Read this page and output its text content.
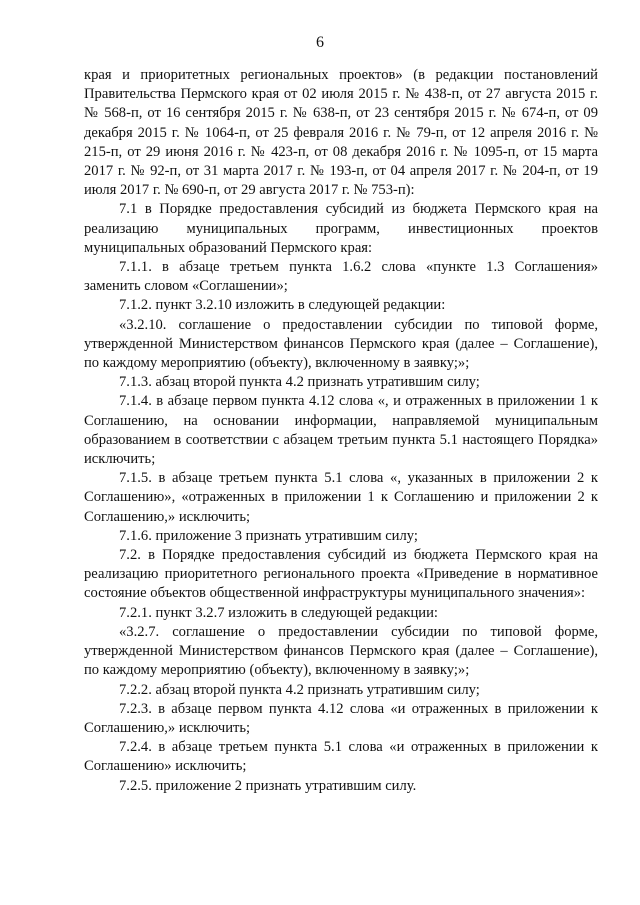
6

края и приоритетных региональных проектов» (в редакции постановлений Правительства Пермского края от 02 июля 2015 г. № 438-п, от 27 августа 2015 г. № 568-п, от 16 сентября 2015 г. № 638-п, от 23 сентября 2015 г. № 674-п, от 09 декабря 2015 г. № 1064-п, от 25 февраля 2016 г. № 79-п, от 12 апреля 2016 г. № 215-п, от 29 июня 2016 г. № 423-п, от 08 декабря 2016 г. № 1095-п, от 15 марта 2017 г. № 92-п, от 31 марта 2017 г. № 193-п, от 04 апреля 2017 г. № 204-п, от 19 июля 2017 г. № 690-п, от 29 августа 2017 г. № 753-п):

7.1 в Порядке предоставления субсидий из бюджета Пермского края на реализацию муниципальных программ, инвестиционных проектов муниципальных образований Пермского края:

7.1.1. в абзаце третьем пункта 1.6.2 слова «пункте 1.3 Соглашения» заменить словом «Соглашении»;

7.1.2. пункт 3.2.10 изложить в следующей редакции:

«3.2.10. соглашение о предоставлении субсидии по типовой форме, утвержденной Министерством финансов Пермского края (далее – Соглашение), по каждому мероприятию (объекту), включенному в заявку;»;

7.1.3. абзац второй пункта 4.2 признать утратившим силу;

7.1.4. в абзаце первом пункта 4.12 слова «, и отраженных в приложении 1 к Соглашению, на основании информации, направляемой муниципальным образованием в соответствии с абзацем третьим пункта 5.1 настоящего Порядка» исключить;

7.1.5. в абзаце третьем пункта 5.1 слова «, указанных в приложении 2 к Соглашению», «отраженных в приложении 1 к Соглашению и приложении 2 к Соглашению,» исключить;

7.1.6. приложение 3 признать утратившим силу;

7.2. в Порядке предоставления субсидий из бюджета Пермского края на реализацию приоритетного регионального проекта «Приведение в нормативное состояние объектов общественной инфраструктуры муниципального значения»:

7.2.1. пункт 3.2.7 изложить в следующей редакции:

«3.2.7. соглашение о предоставлении субсидии по типовой форме, утвержденной Министерством финансов Пермского края (далее – Соглашение), по каждому мероприятию (объекту), включенному в заявку;»;

7.2.2. абзац второй пункта 4.2 признать утратившим силу;

7.2.3. в абзаце первом пункта 4.12 слова «и отраженных в приложении к Соглашению,» исключить;

7.2.4. в абзаце третьем пункта 5.1 слова «и отраженных в приложении к Соглашению» исключить;

7.2.5. приложение 2 признать утратившим силу.
